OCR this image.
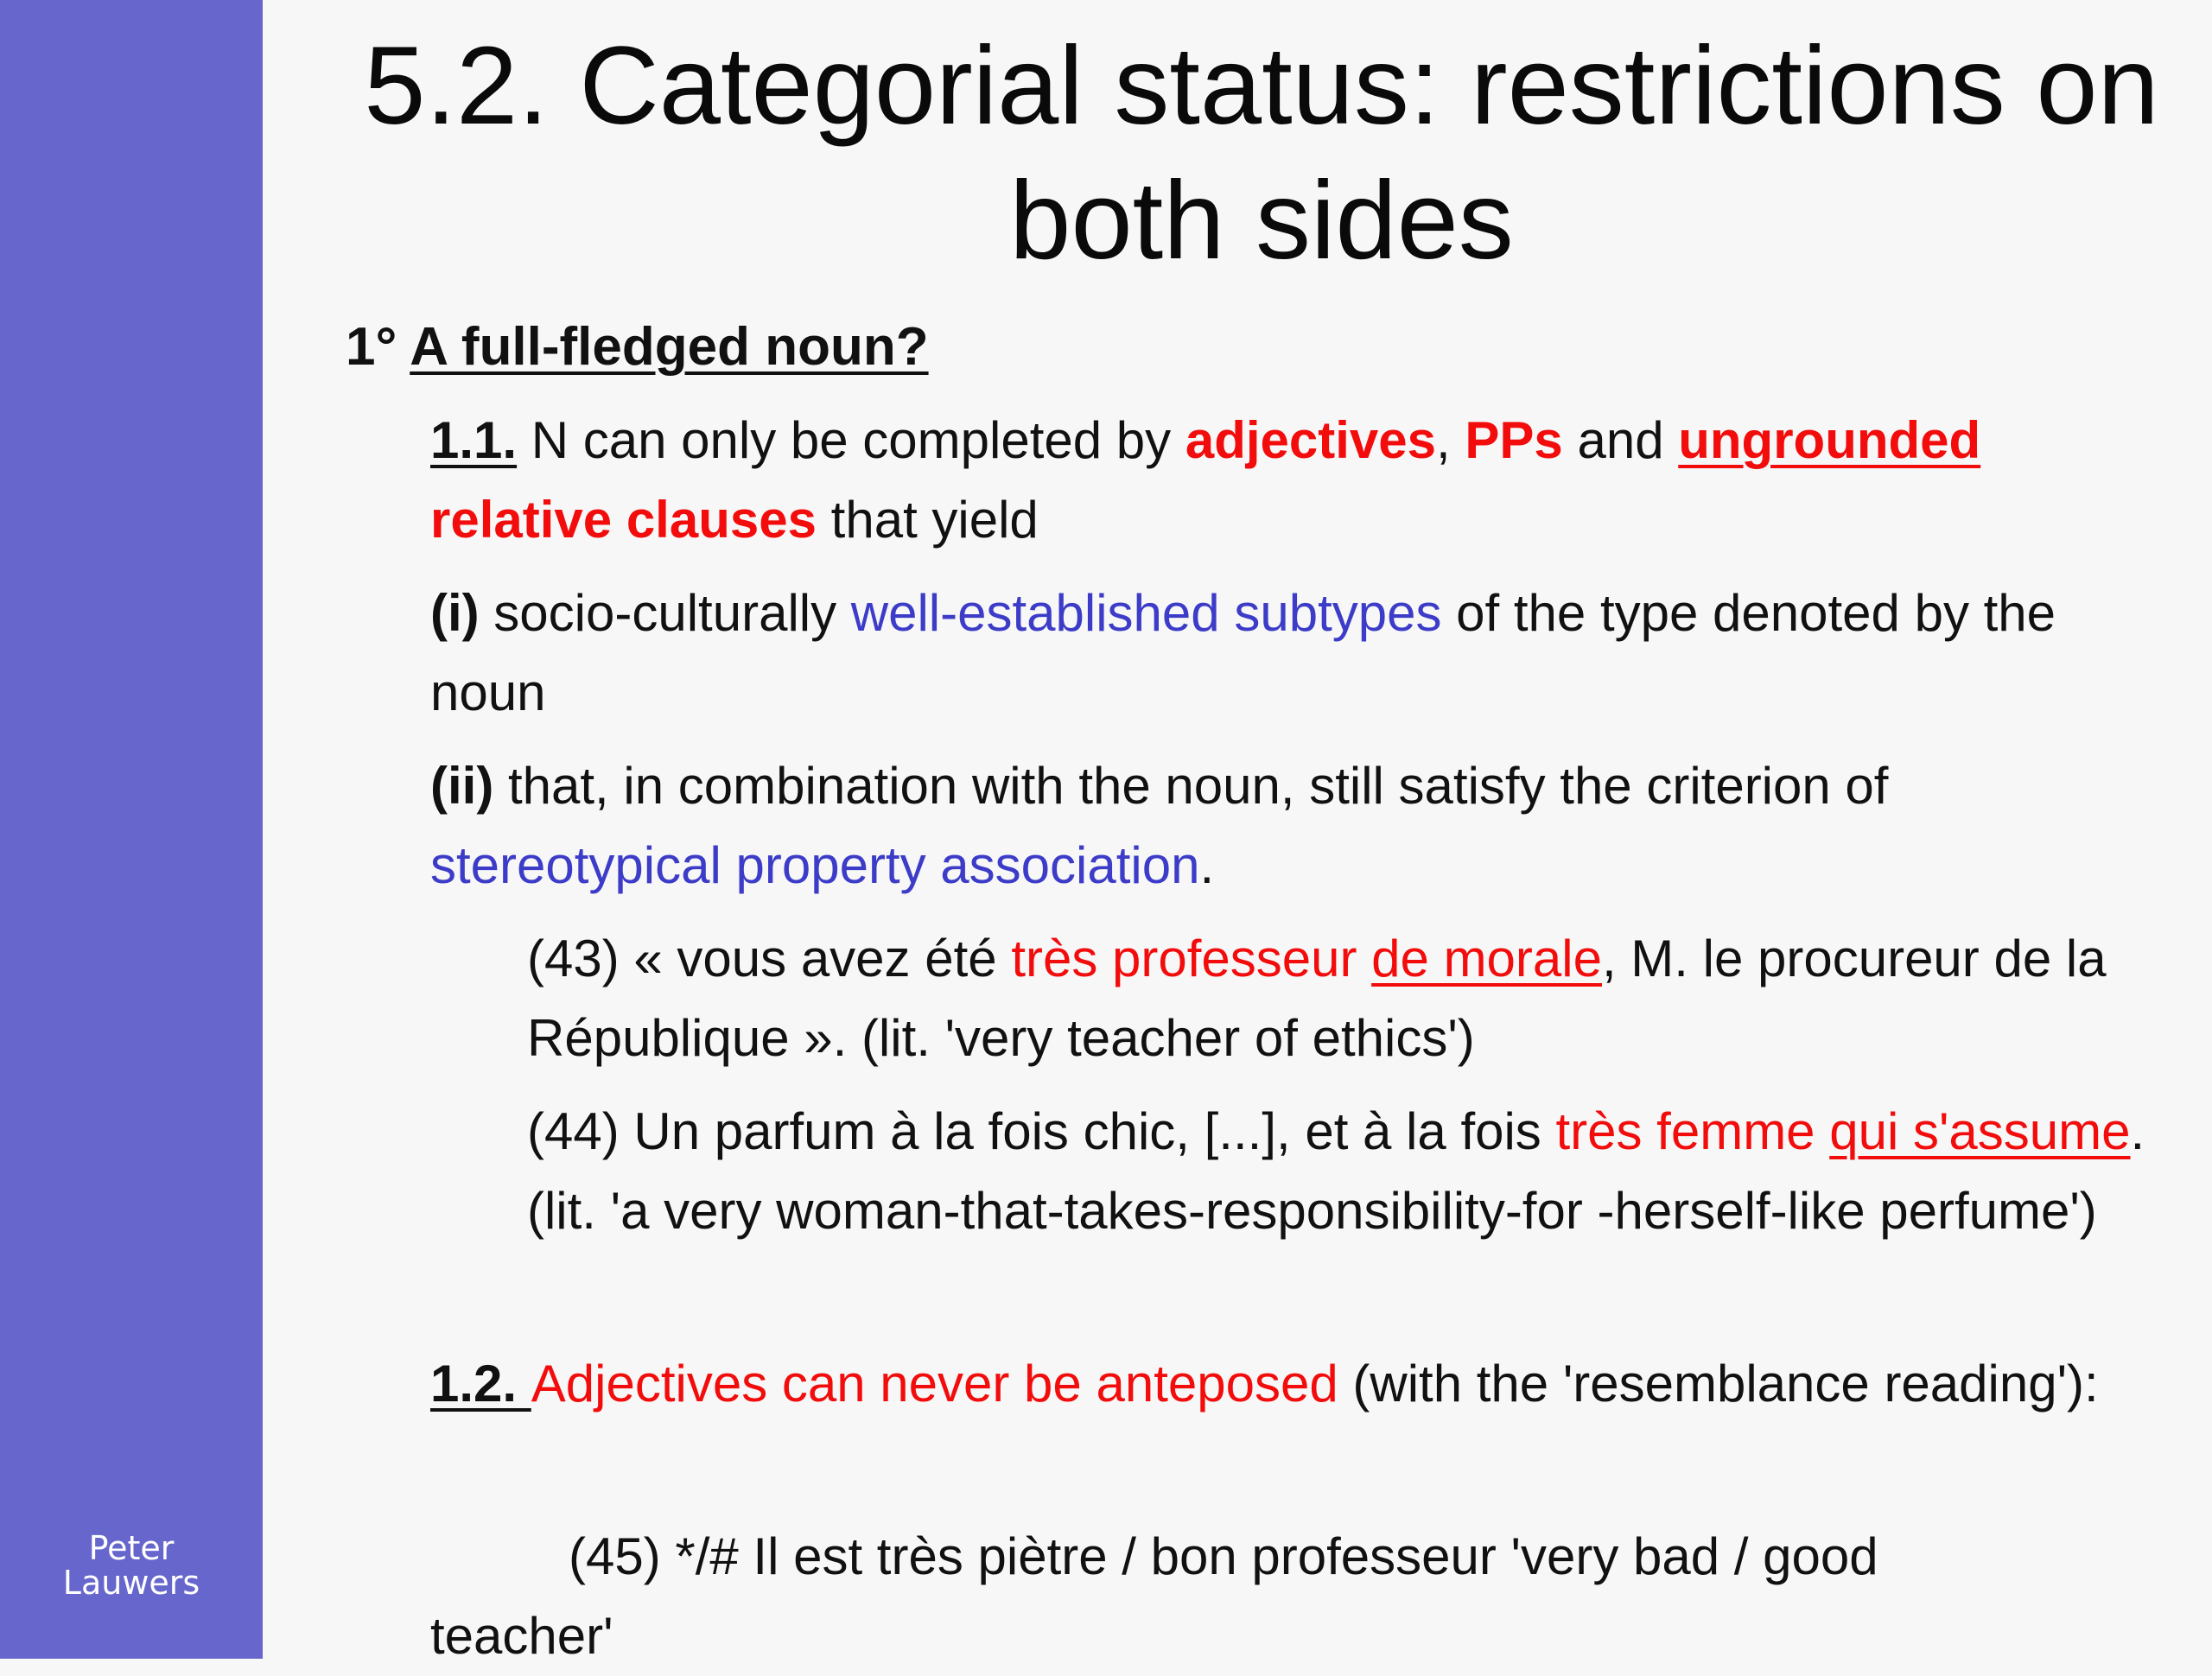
Peter
Lauwers
5.2. Categorial status: restrictions on
both sides

1° A full-fledged noun?

1.1. N can only be completed by adjectives, PPs and ungrounded relative clauses that yield

(i) socio-culturally well-established subtypes of the type denoted by the noun

(ii) that, in combination with the noun, still satisfy the criterion of stereotypical property association.

(43) « vous avez été très professeur de morale, M. le procureur de la République ». (lit. 'very teacher of ethics')

(44) Un parfum à la fois chic, [...], et à la fois très femme qui s'assume. (lit. 'a very woman-that-takes-responsibility-for -herself-like perfume')

1.2. Adjectives can never be anteposed (with the 'resemblance reading'):

(45) */# Il est très piètre / bon professeur 'very bad / good
teacher'
